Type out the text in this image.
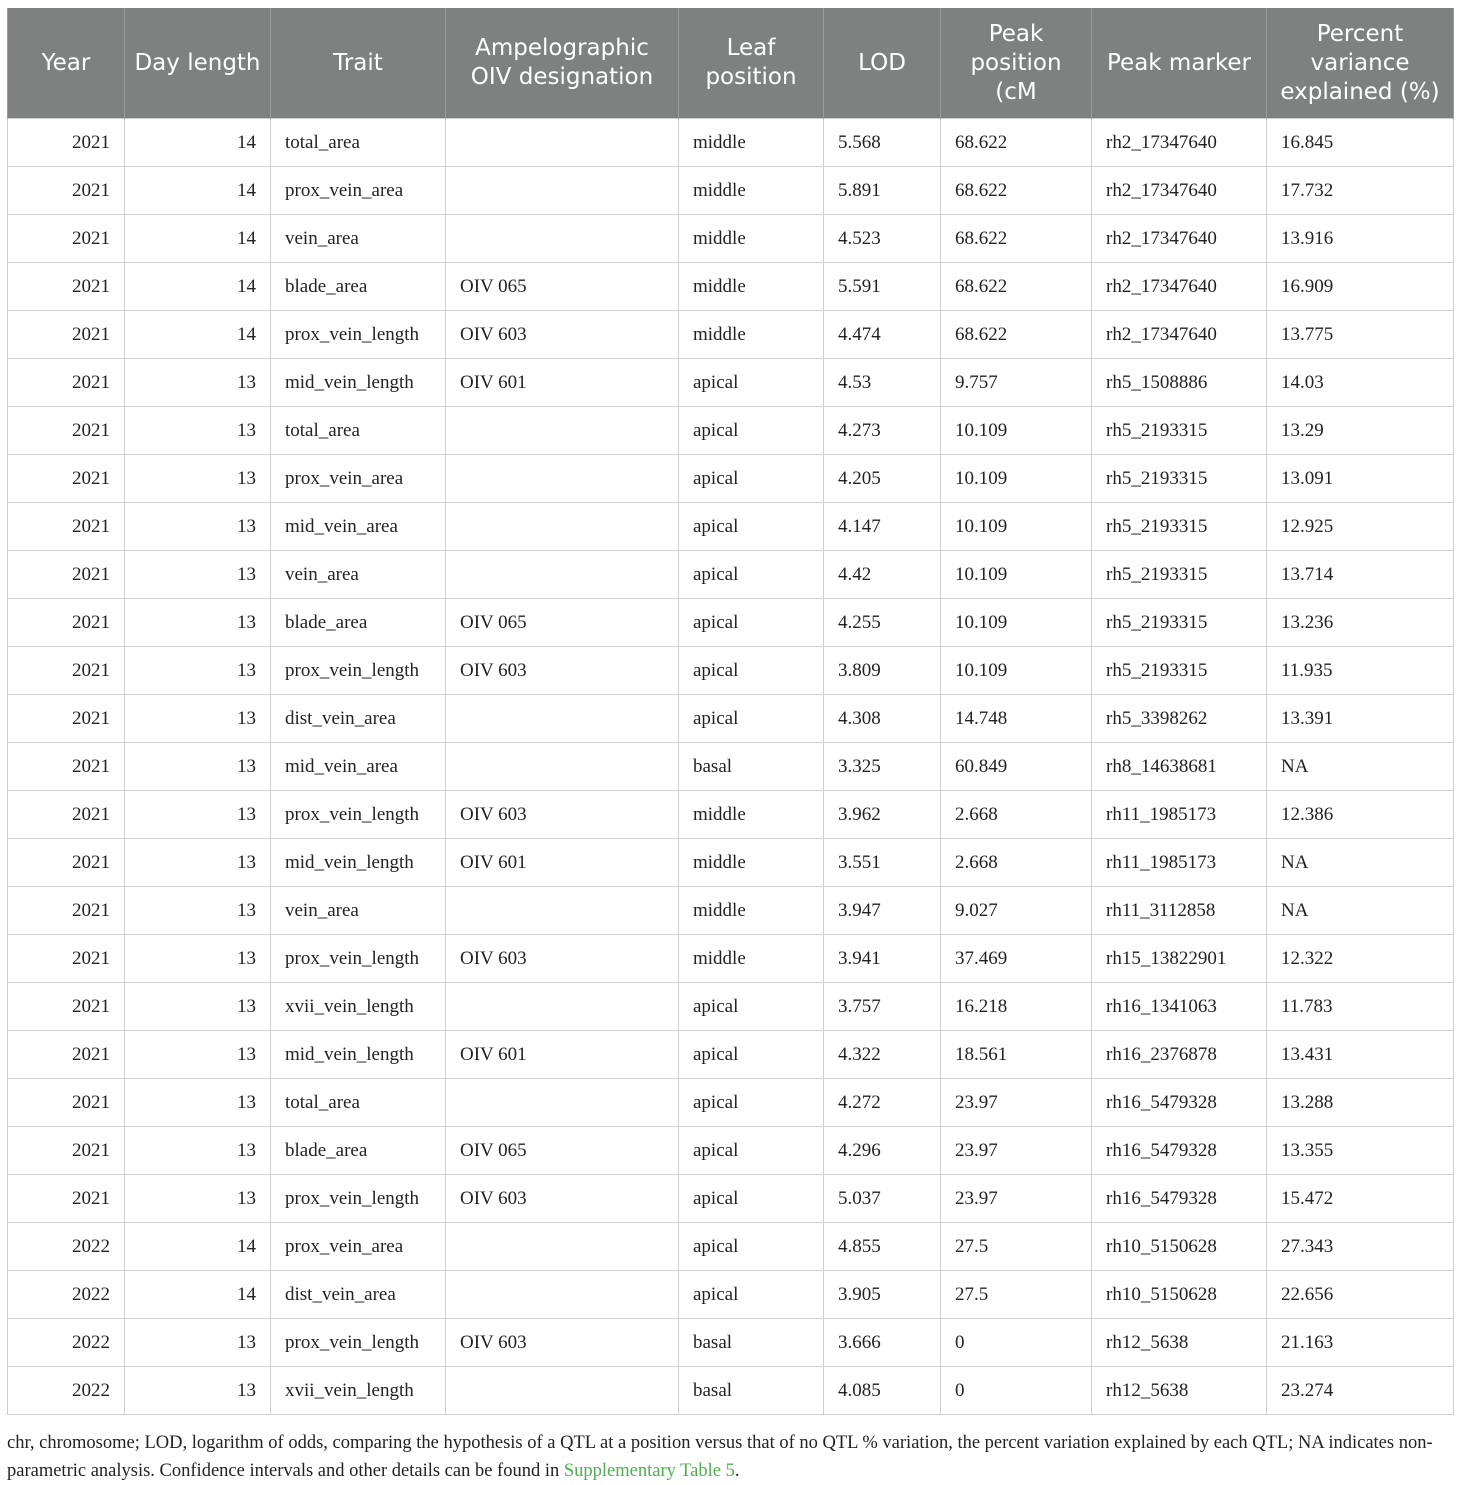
Year	Day length	Trait	Ampelographic OIV designation	Leaf position	LOD	Peak position (cM	Peak marker	Percent variance explained (%)
2021	14	total_area		middle	5.568	68.622	rh2_17347640	16.845
2021	14	prox_vein_area		middle	5.891	68.622	rh2_17347640	17.732
2021	14	vein_area		middle	4.523	68.622	rh2_17347640	13.916
2021	14	blade_area	OIV 065	middle	5.591	68.622	rh2_17347640	16.909
2021	14	prox_vein_length	OIV 603	middle	4.474	68.622	rh2_17347640	13.775
2021	13	mid_vein_length	OIV 601	apical	4.53	9.757	rh5_1508886	14.03
2021	13	total_area		apical	4.273	10.109	rh5_2193315	13.29
2021	13	prox_vein_area		apical	4.205	10.109	rh5_2193315	13.091
2021	13	mid_vein_area		apical	4.147	10.109	rh5_2193315	12.925
2021	13	vein_area		apical	4.42	10.109	rh5_2193315	13.714
2021	13	blade_area	OIV 065	apical	4.255	10.109	rh5_2193315	13.236
2021	13	prox_vein_length	OIV 603	apical	3.809	10.109	rh5_2193315	11.935
2021	13	dist_vein_area		apical	4.308	14.748	rh5_3398262	13.391
2021	13	mid_vein_area		basal	3.325	60.849	rh8_14638681	NA
2021	13	prox_vein_length	OIV 603	middle	3.962	2.668	rh11_1985173	12.386
2021	13	mid_vein_length	OIV 601	middle	3.551	2.668	rh11_1985173	NA
2021	13	vein_area		middle	3.947	9.027	rh11_3112858	NA
2021	13	prox_vein_length	OIV 603	middle	3.941	37.469	rh15_13822901	12.322
2021	13	xvii_vein_length		apical	3.757	16.218	rh16_1341063	11.783
2021	13	mid_vein_length	OIV 601	apical	4.322	18.561	rh16_2376878	13.431
2021	13	total_area		apical	4.272	23.97	rh16_5479328	13.288
2021	13	blade_area	OIV 065	apical	4.296	23.97	rh16_5479328	13.355
2021	13	prox_vein_length	OIV 603	apical	5.037	23.97	rh16_5479328	15.472
2022	14	prox_vein_area		apical	4.855	27.5	rh10_5150628	27.343
2022	14	dist_vein_area		apical	3.905	27.5	rh10_5150628	22.656
2022	13	prox_vein_length	OIV 603	basal	3.666	0	rh12_5638	21.163
2022	13	xvii_vein_length		basal	4.085	0	rh12_5638	23.274
chr, chromosome; LOD, logarithm of odds, comparing the hypothesis of a QTL at a position versus that of no QTL % variation, the percent variation explained by each QTL; NA indicates non-parametric analysis. Confidence intervals and other details can be found in Supplementary Table 5.
